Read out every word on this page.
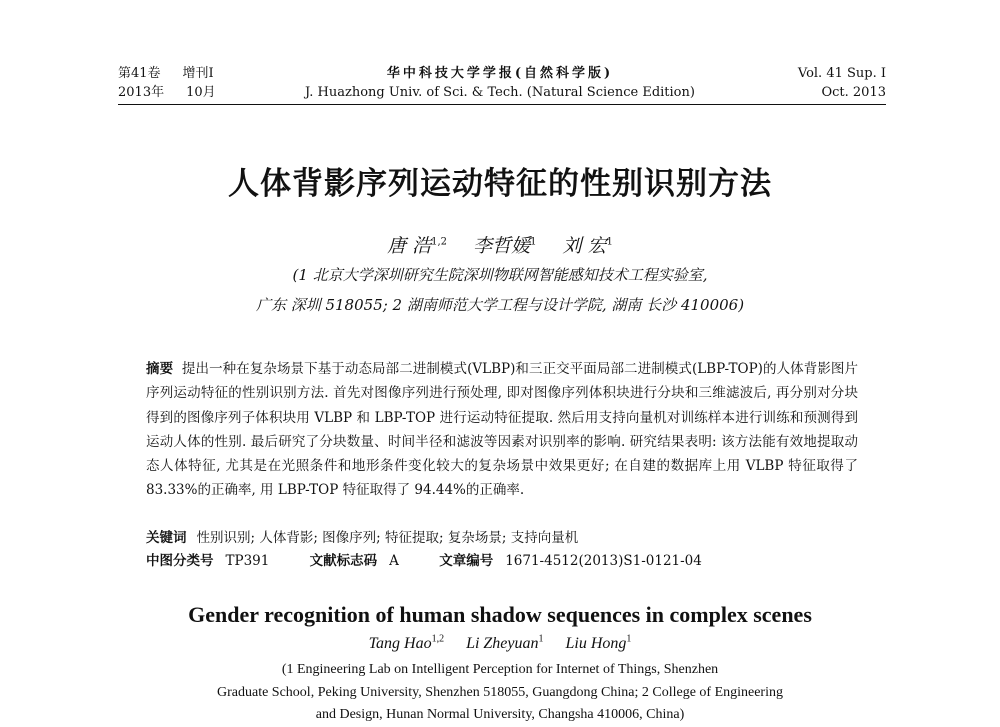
第41卷 增刊Ⅰ
2013年 10月
华中科技大学学报(自然科学版)
J. Huazhong Univ. of Sci. & Tech. (Natural Science Edition)
Vol. 41 Sup. Ⅰ
Oct. 2013
人体背影序列运动特征的性别识别方法
唐 浩$^{1,2}$ 李哲媛$^1$ 刘 宏$^1$
(1 北京大学深圳研究生院深圳物联网智能感知技术工程实验室,
广东 深圳 518055; 2 湖南师范大学工程与设计学院, 湖南 长沙 410006)
摘要 提出一种在复杂场景下基于动态局部二进制模式(VLBP)和三正交平面局部二进制模式(LBP-TOP)的人体背影图片序列运动特征的性别识别方法. 首先对图像序列进行预处理, 即对图像序列体积块进行分块和三维滤波后, 再分别对分块得到的图像序列子体积块用 VLBP 和 LBP-TOP 进行运动特征提取. 然后用支持向量机对训练样本进行训练和预测得到运动人体的性别. 最后研究了分块数量、时间半径和滤波等因素对识别率的影响. 研究结果表明: 该方法能有效地提取动态人体特征, 尤其是在光照条件和地形条件变化较大的复杂场景中效果更好; 在自建的数据库上用 VLBP 特征取得了 83.33%的正确率, 用 LBP-TOP 特征取得了 94.44%的正确率.
关键词 性别识别; 人体背影; 图像序列; 特征提取; 复杂场景; 支持向量机
中图分类号 TP391	文献标志码 A	文章编号 1671-4512(2013)S1-0121-04
Gender recognition of human shadow sequences in complex scenes
Tang Hao$^{1,2}$ Li Zheyuan$^1$ Liu Hong$^1$
(1 Engineering Lab on Intelligent Perception for Internet of Things, Shenzhen
Graduate School, Peking University, Shenzhen 518055, Guangdong China; 2 College of Engineering
and Design, Hunan Normal University, Changsha 410006, China)
